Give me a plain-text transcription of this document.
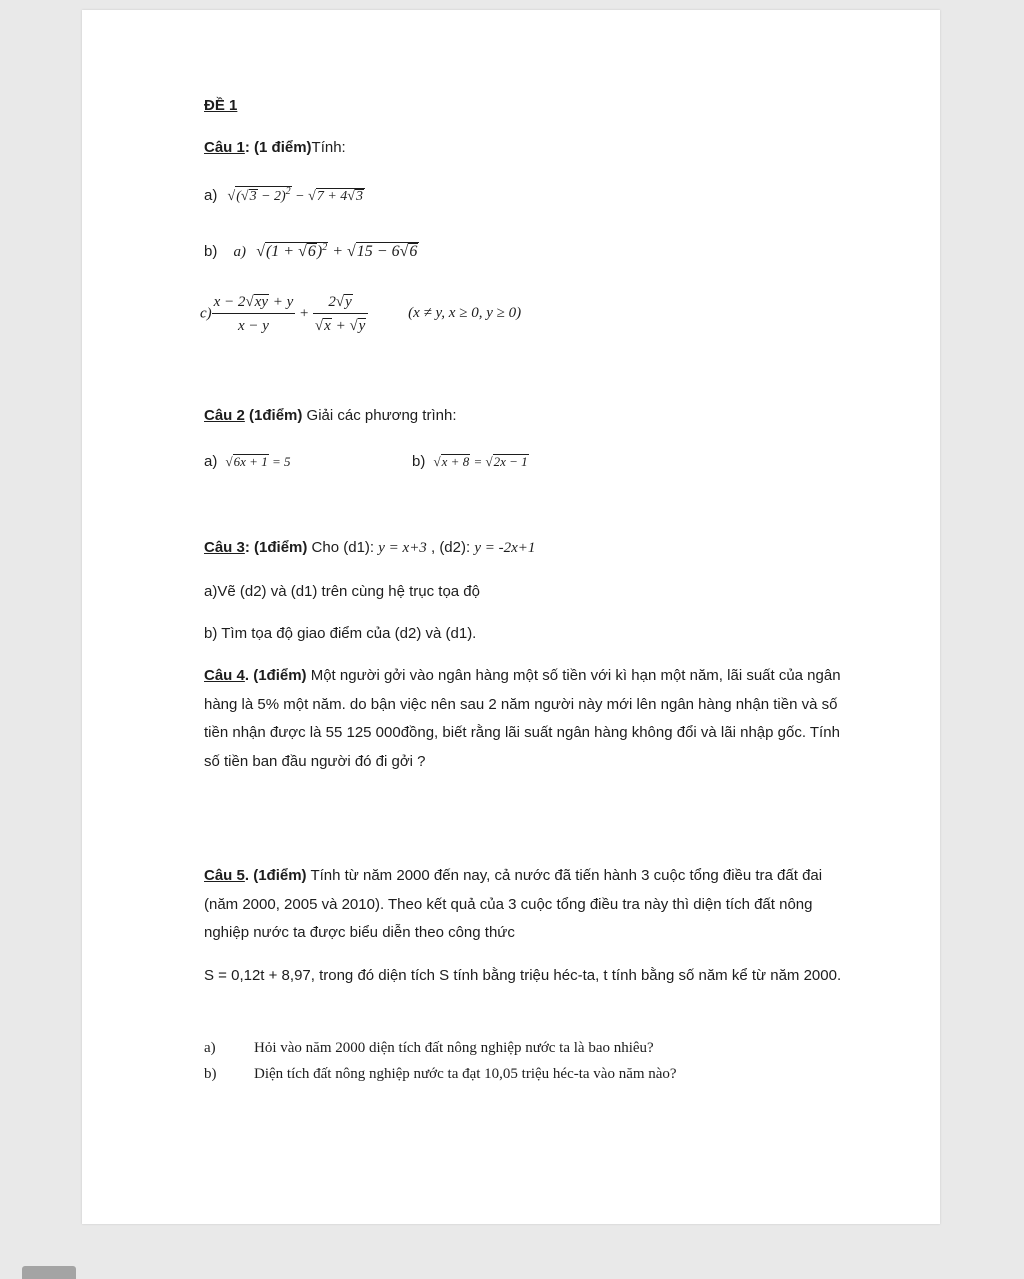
ĐỀ 1
Câu 1: (1 điểm)Tính:
a) √ (√ 3 − 2)$^2$ − √ 7 + 4√ 3
b) a) √ (1 + √ 6)$^2$ + √ 15 − 6√ 6
$c) \frac{x - 2√ xy + y}{x - y} + 2√$ y
√ x + √ y	(x ≠ y, x ≥ 0, y ≥ 0)
Câu 2 (1điểm) Giải các phương trình:
a) √ 6x + 1 = 5	b) √ x + 8 = √ 2x − 1
Câu 3: (1điểm) Cho (d1): y = x+3 , (d2): y = -2x+1
a)Vẽ (d2) và (d1) trên cùng hệ trục tọa độ
b) Tìm tọa độ giao điểm của (d2) và (d1).
Câu 4. (1điểm) Một người gởi vào ngân hàng một số tiền với kì hạn một năm, lãi suất của ngân hàng là 5% một năm. do bận việc nên sau 2 năm người này mới lên ngân hàng nhận tiền và số tiền nhận được là 55 125 000đồng, biết rằng lãi suất ngân hàng không đổi và lãi nhập gốc. Tính số tiền ban đầu người đó đi gởi ?
Câu 5. (1điểm) Tính từ năm 2000 đến nay, cả nước đã tiến hành 3 cuộc tổng điều tra đất đai (năm 2000, 2005 và 2010). Theo kết quả của 3 cuộc tổng điều tra này thì diện tích đất nông nghiệp nước ta được biểu diễn theo công thức
S = 0,12t + 8,97, trong đó diện tích S tính bằng triệu héc-ta, t tính bằng số năm kể từ năm 2000.
a)	Hỏi vào năm 2000 diện tích đất nông nghiệp nước ta là bao nhiêu?
b)	Diện tích đất nông nghiệp nước ta đạt 10,05 triệu héc-ta vào năm nào?
